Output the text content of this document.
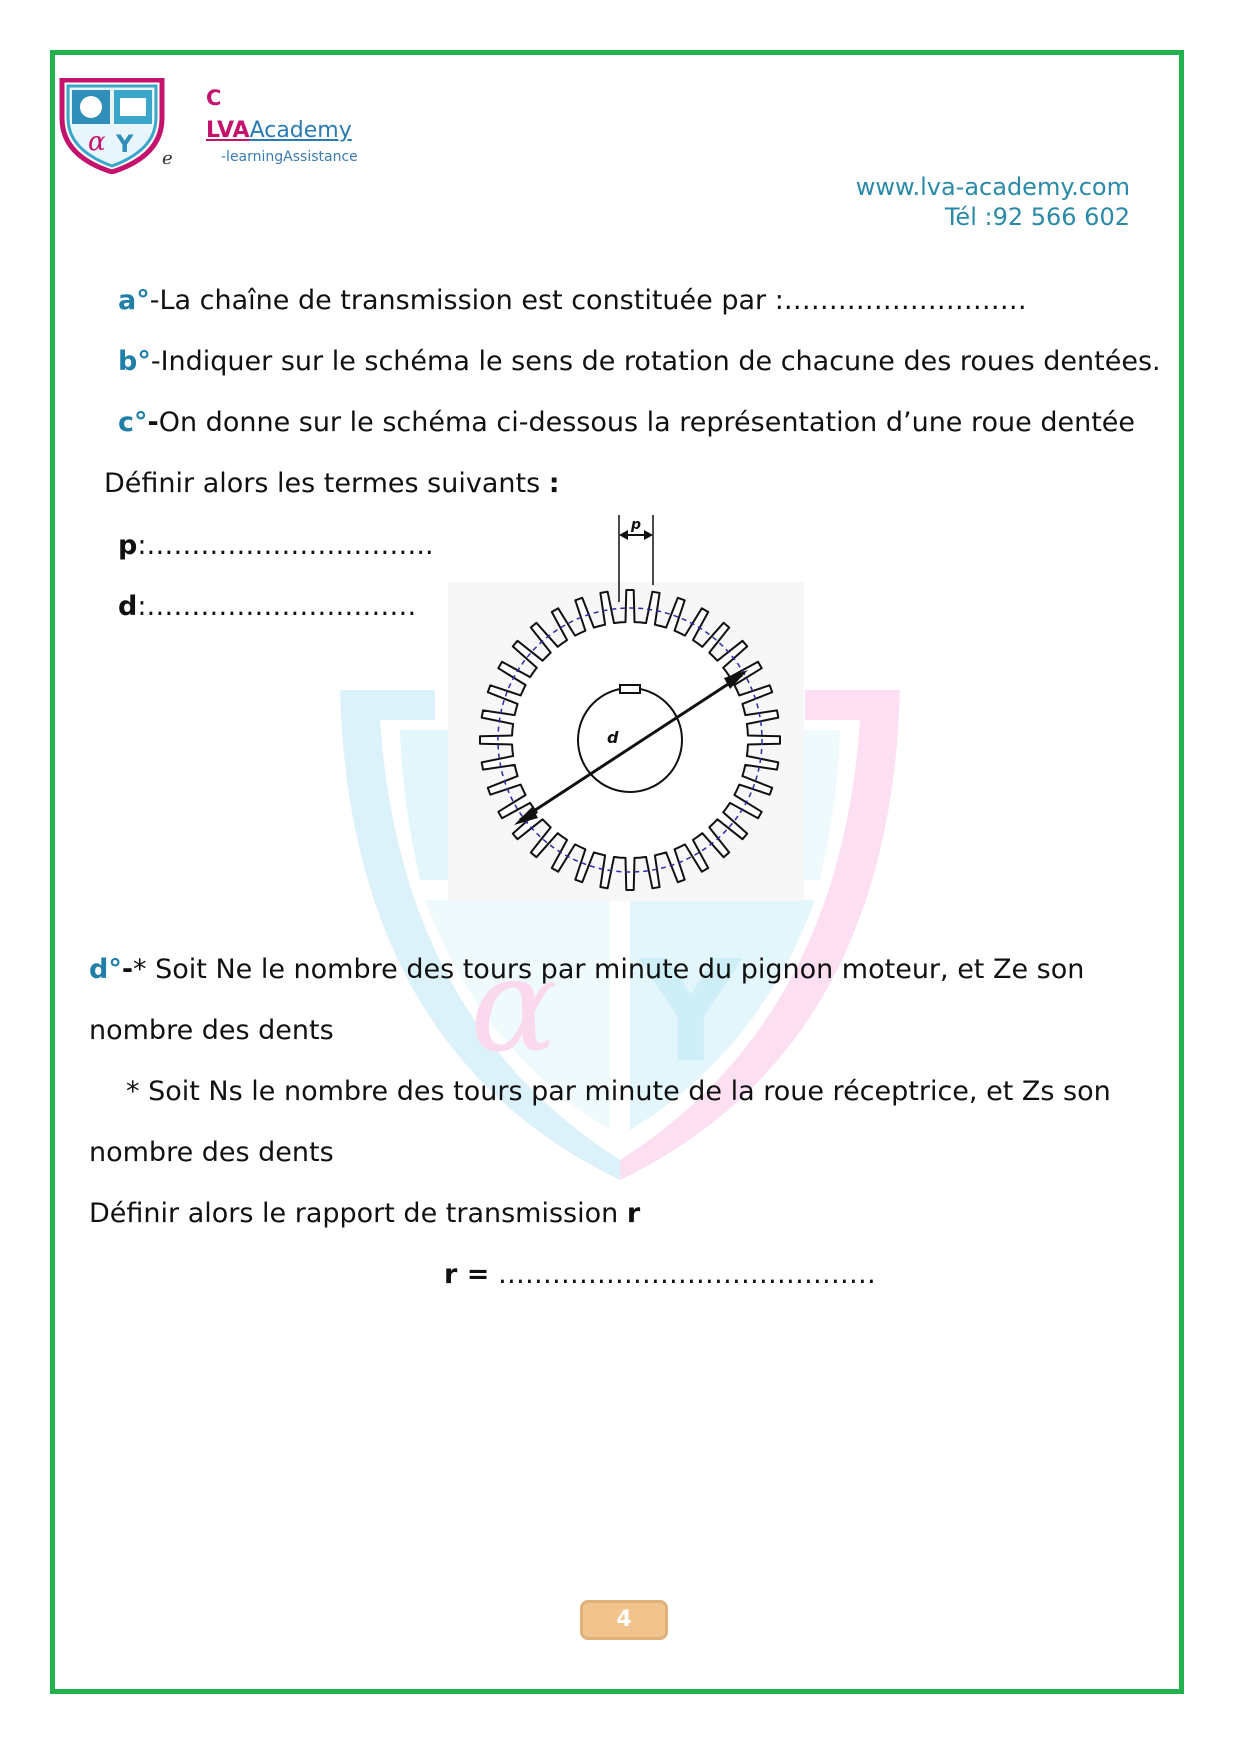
α Y
C
LVAAcademy
-learningAssistance
e
www.lva-academy.com
Tél :92 566 602
α Y
a°-La chaîne de transmission est constituée par :………………………
b°-Indiquer sur le schéma le sens de rotation de chacune des roues dentées.
c°-On donne sur le schéma ci-dessous la représentation d’une roue dentée
Définir alors les termes suivants :
p:…………………………..
d:…………………………
d
p
d°-* Soit Ne le nombre des tours par minute du pignon moteur, et Ze son
nombre des dents
* Soit Ns le nombre des tours par minute de la roue réceptrice, et Zs son
nombre des dents
Définir alors le rapport de transmission r
r = ……………………………………
4
